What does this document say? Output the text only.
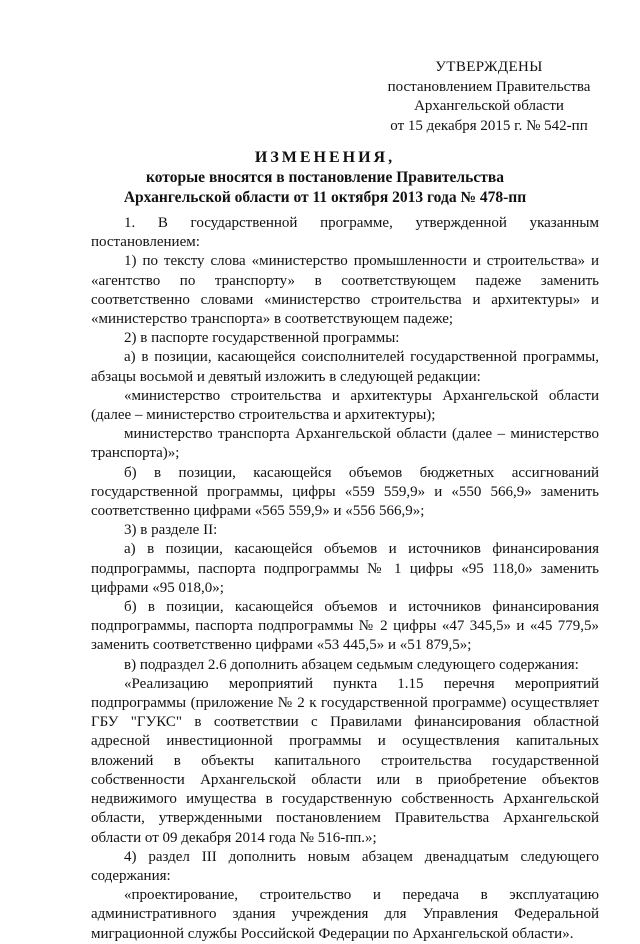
УТВЕРЖДЕНЫ
постановлением Правительства
Архангельской области
от 15 декабря 2015 г. № 542-пп
ИЗМЕНЕНИЯ,
которые вносятся в постановление Правительства
Архангельской области от 11 октября 2013 года № 478-пп

1. В государственной программе, утвержденной указанным постановлением:

1) по тексту слова «министерство промышленности и строительства» и «агентство по транспорту» в соответствующем падеже заменить соответственно словами «министерство строительства и архитектуры» и «министерство транспорта» в соответствующем падеже;

2) в паспорте государственной программы:

а) в позиции, касающейся соисполнителей государственной программы, абзацы восьмой и девятый изложить в следующей редакции:

«министерство строительства и архитектуры Архангельской области (далее – министерство строительства и архитектуры);

министерство транспорта Архангельской области (далее – министерство транспорта)»;

б) в позиции, касающейся объемов бюджетных ассигнований государственной программы, цифры «559 559,9» и «550 566,9» заменить соответственно цифрами «565 559,9» и «556 566,9»;

3) в разделе II:

а) в позиции, касающейся объемов и источников финансирования подпрограммы, паспорта подпрограммы № 1 цифры «95 118,0» заменить цифрами «95 018,0»;

б) в позиции, касающейся объемов и источников финансирования подпрограммы, паспорта подпрограммы № 2 цифры «47 345,5» и «45 779,5» заменить соответственно цифрами «53 445,5» и «51 879,5»;

в) подраздел 2.6 дополнить абзацем седьмым следующего содержания:

«Реализацию мероприятий пункта 1.15 перечня мероприятий подпрограммы (приложение № 2 к государственной программе) осуществляет ГБУ "ГУКС" в соответствии с Правилами финансирования областной адресной инвестиционной программы и осуществления капитальных вложений в объекты капитального строительства государственной собственности Архангельской области или в приобретение объектов недвижимого имущества в государственную собственность Архангельской области, утвержденными постановлением Правительства Архангельской области от 09 декабря 2014 года № 516-пп.»;

4) раздел III дополнить новым абзацем двенадцатым следующего содержания:

«проектирование, строительство и передача в эксплуатацию административного здания учреждения для Управления Федеральной миграционной службы Российской Федерации по Архангельской области».
